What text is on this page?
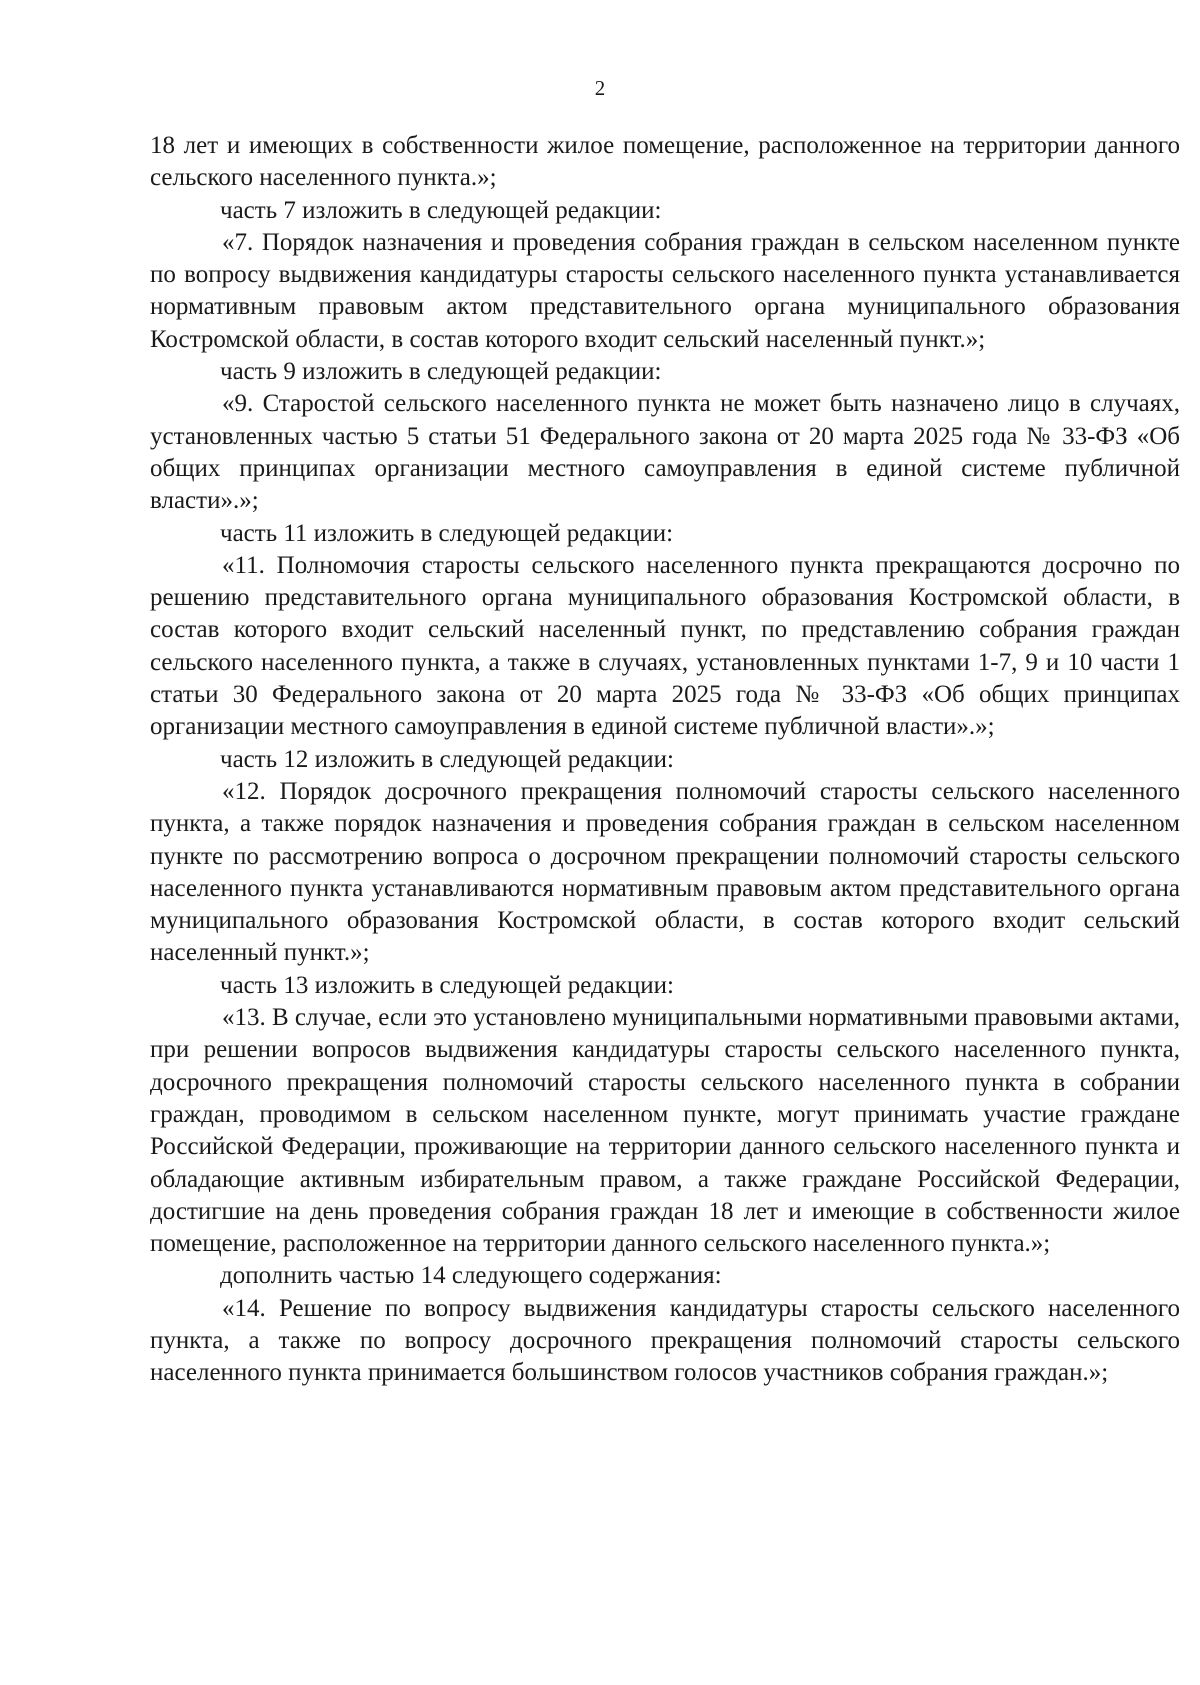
2

18 лет и имеющих в собственности жилое помещение, расположенное на территории данного сельского населенного пункта.»;

часть 7 изложить в следующей редакции:

«7. Порядок назначения и проведения собрания граждан в сельском населенном пункте по вопросу выдвижения кандидатуры старосты сельского населенного пункта устанавливается нормативным правовым актом представительного органа муниципального образования Костромской области, в состав которого входит сельский населенный пункт.»;

часть 9 изложить в следующей редакции:

«9. Старостой сельского населенного пункта не может быть назначено лицо в случаях, установленных частью 5 статьи 51 Федерального закона от 20 марта 2025 года № 33-ФЗ «Об общих принципах организации местного самоуправления в единой системе публичной власти».»;

часть 11 изложить в следующей редакции:

«11. Полномочия старосты сельского населенного пункта прекращаются досрочно по решению представительного органа муниципального образования Костромской области, в состав которого входит сельский населенный пункт, по представлению собрания граждан сельского населенного пункта, а также в случаях, установленных пунктами 1-7, 9 и 10 части 1 статьи 30 Федерального закона от 20 марта 2025 года № 33-ФЗ «Об общих принципах организации местного самоуправления в единой системе публичной власти».»;

часть 12 изложить в следующей редакции:

«12. Порядок досрочного прекращения полномочий старосты сельского населенного пункта, а также порядок назначения и проведения собрания граждан в сельском населенном пункте по рассмотрению вопроса о досрочном прекращении полномочий старосты сельского населенного пункта устанавливаются нормативным правовым актом представительного органа муниципального образования Костромской области, в состав которого входит сельский населенный пункт.»;

часть 13 изложить в следующей редакции:

«13. В случае, если это установлено муниципальными нормативными правовыми актами, при решении вопросов выдвижения кандидатуры старосты сельского населенного пункта, досрочного прекращения полномочий старосты сельского населенного пункта в собрании граждан, проводимом в сельском населенном пункте, могут принимать участие граждане Российской Федерации, проживающие на территории данного сельского населенного пункта и обладающие активным избирательным правом, а также граждане Российской Федерации, достигшие на день проведения собрания граждан 18 лет и имеющие в собственности жилое помещение, расположенное на территории данного сельского населенного пункта.»;

дополнить частью 14 следующего содержания:

«14. Решение по вопросу выдвижения кандидатуры старосты сельского населенного пункта, а также по вопросу досрочного прекращения полномочий старосты сельского населенного пункта принимается большинством голосов участников собрания граждан.»;
